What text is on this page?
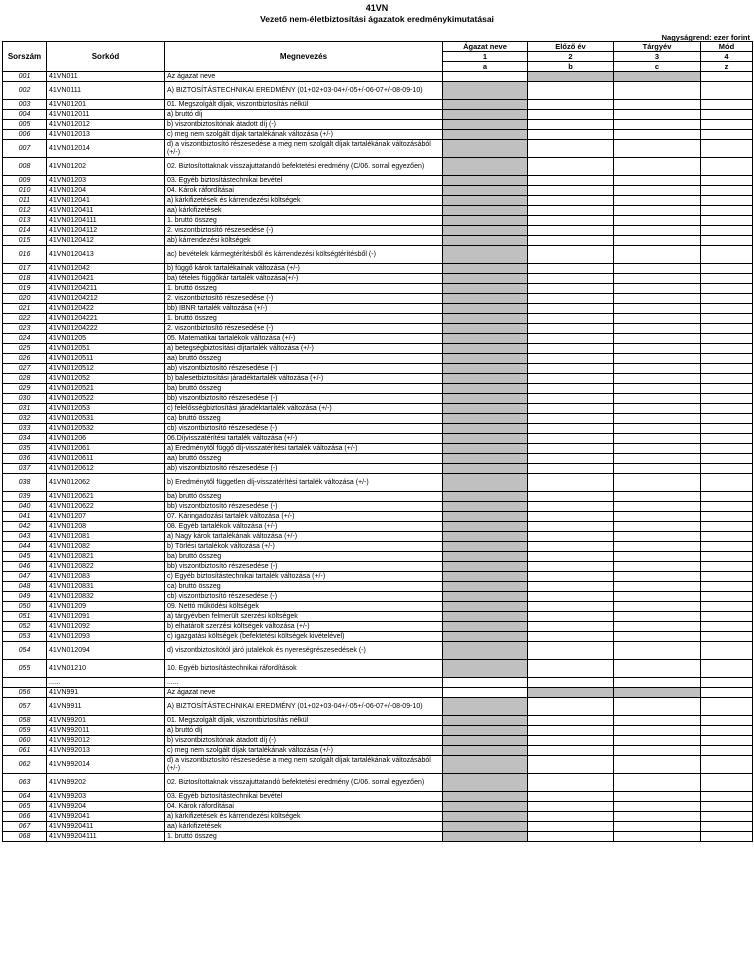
41VN
Vezető nem-életbiztosítási ágazatok eredménykimutatásai
Nagyságrend: ezer forint
Sorszám	Sorkód	Megnevezés	Ágazat neve	Előző év	Tárgyév	Mód
			1	2	3	4
			a	b	c	z
001	41VN011	Az ágazat neve				
002	41VN0111	A) BIZTOSÍTÁSTECHNIKAI EREDMÉNY (01+02+03-04+/-05+/-06-07+/-08-09-10)				
003	41VN01201	01. Megszolgált díjak, viszontbiztosítás nélkül				
004	41VN012011	a) bruttó díj				
005	41VN012012	b) viszontbiztosítónak átadott díj (-)				
006	41VN012013	c) meg nem szolgált díjak tartalékának változása (+/-)				
007	41VN012014	d) a viszontbiztosító részesedése a meg nem szolgált díjak tartalékának változásából (+/-)				
008	41VN01202	02. Biztosítottaknak visszajuttatandó befektetési eredmény (C/06. sorral egyezően)				
009	41VN01203	03. Egyéb biztosítástechnikai bevétel				
010	41VN01204	04. Károk ráfordításai				
011	41VN012041	a) kárkifizetések és kárrendezési költségek				
012	41VN0120411	aa) kárkifizetések				
013	41VN01204111	1. bruttó összeg				
014	41VN01204112	2. viszontbiztosító részesedése (-)				
015	41VN0120412	ab) kárrendezési költségek				
016	41VN0120413	ac) bevételek kármegtérítésből és kárrendezési költségtérítésből (-)				
017	41VN012042	b) függő károk tartalékainak változása (+/-)				
018	41VN0120421	ba) tételes függőkár tartalék változása(+/-)				
019	41VN01204211	1. bruttó összeg				
020	41VN01204212	2. viszontbiztosító részesedése (-)				
021	41VN0120422	bb) IBNR tartalék változása (+/-)				
022	41VN01204221	1. bruttó összeg				
023	41VN01204222	2. viszontbiztosító részesedése (-)				
024	41VN01205	05. Matematikai tartalékok változása (+/-)				
025	41VN012051	a) betegségbiztosítási díjtartalék változása (+/-)				
026	41VN0120511	aa) bruttó összeg				
027	41VN0120512	ab) viszontbiztosító részesedése (-)				
028	41VN012052	b) balesetbiztosítási járadéktartalék változása (+/-)				
029	41VN0120521	ba) bruttó összeg				
030	41VN0120522	bb) viszontbiztosító részesedése (-)				
031	41VN012053	c) felelősségbiztosítási járadéktartalék változása (+/-)				
032	41VN0120531	ca) bruttó összeg				
033	41VN0120532	cb) viszontbiztosító részesedése (-)				
034	41VN01206	06.Díjvisszatérítési tartalék változása (+/-)				
035	41VN012061	a) Eredménytől függő díj-visszatérítési tartalék változása (+/-)				
036	41VN0120611	aa) bruttó összeg				
037	41VN0120612	ab) viszontbiztosító részesedése (-)				
038	41VN012062	b) Eredménytől független díj-visszatérítési tartalék változása (+/-)				
039	41VN0120621	ba) bruttó összeg				
040	41VN0120622	bb) viszontbiztosító részesedése (-)				
041	41VN01207	07. Káringadozási tartalék változása (+/-)				
042	41VN01208	08. Egyéb tartalékok változása (+/-)				
043	41VN012081	a) Nagy károk tartalékának változása (+/-)				
044	41VN012082	b) Törlési tartalékok változása (+/-)				
045	41VN0120821	ba) bruttó összeg				
046	41VN0120822	bb) viszontbiztosító részesedése (-)				
047	41VN012083	c) Egyéb biztosítástechnikai tartalék változása (+/-)				
048	41VN0120831	ca) bruttó összeg				
049	41VN0120832	cb) viszontbiztosító részesedése (-)				
050	41VN01209	09. Nettó működési költségek				
051	41VN012091	a) tárgyévben felmerült szerzési költségek				
052	41VN012092	b) elhatárolt szerzési költségek változása (+/-)				
053	41VN012093	c) igazgatási költségek (befektetési költségek kivételével)				
054	41VN012094	d) viszontbiztosítótól járó jutalékok és nyereségrészesedések (-)				
055	41VN01210	10. Egyéb biztosítástechnikai ráfordítások				
	......	......				
056	41VN991	Az ágazat neve				
057	41VN9911	A) BIZTOSÍTÁSTECHNIKAI EREDMÉNY (01+02+03-04+/-05+/-06-07+/-08-09-10)				
058	41VN99201	01. Megszolgált díjak, viszontbiztosítás nélkül				
059	41VN992011	a) bruttó díj				
060	41VN992012	b) viszontbiztosítónak átadott díj (-)				
061	41VN992013	c) meg nem szolgált díjak tartalékának változása (+/-)				
062	41VN992014	d) a viszontbiztosító részesedése a meg nem szolgált díjak tartalékának változásából (+/-)				
063	41VN99202	02. Biztosítottaknak visszajuttatandó befektetési eredmény (C/06. sorral egyezően)				
064	41VN99203	03. Egyéb biztosítástechnikai bevétel				
065	41VN99204	04. Károk ráfordításai				
066	41VN992041	a) kárkifizetések és kárrendezési költségek				
067	41VN9920411	aa) kárkifizetések				
068	41VN99204111	1. bruttó összeg				
